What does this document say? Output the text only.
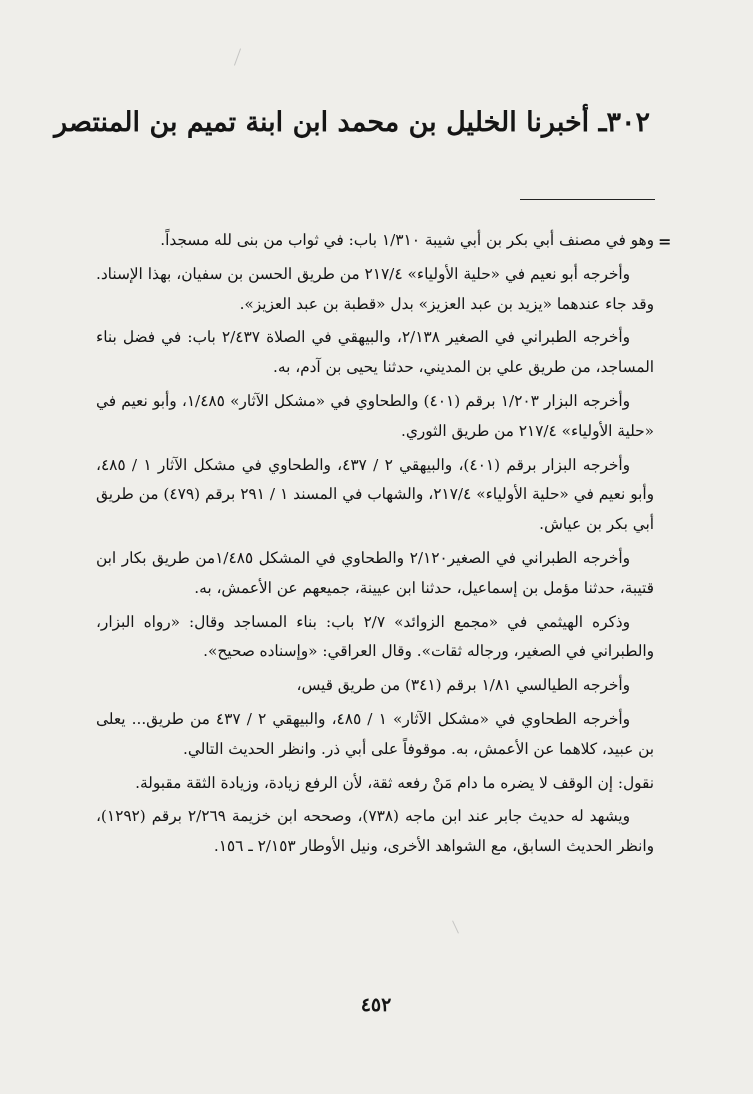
٣٠٢ـ أخبرنا الخليل بن محمد ابن ابنة تميم بن المنتصر
=

وهو في مصنف أبي بكر بن أبي شيبة ١/٣١٠ باب: في ثواب من بنى لله مسجداً.

وأخرجه أبو نعيم في «حلية الأولياء» ٢١٧/٤ من طريق الحسن بن سفيان، بهذا الإسناد. وقد جاء عندهما «يزيد بن عبد العزيز» بدل «قطبة بن عبد العزيز».

وأخرجه الطبراني في الصغير ٢/١٣٨، والبيهقي في الصلاة ٢/٤٣٧ باب: في فضل بناء المساجد، من طريق علي بن المديني، حدثنا يحيى بن آدم، به.

وأخرجه البزار ١/٢٠٣ برقم (٤٠١) والطحاوي في «مشكل الآثار» ١/٤٨٥، وأبو نعيم في «حلية الأولياء» ٢١٧/٤ من طريق الثوري.

وأخرجه البزار برقم (٤٠١)، والبيهقي ٢ / ٤٣٧، والطحاوي في مشكل الآثار ١ / ٤٨٥، وأبو نعيم في «حلية الأولياء» ٢١٧/٤، والشهاب في المسند ١ / ٢٩١ برقم (٤٧٩) من طريق أبي بكر بن عياش.

وأخرجه الطبراني في الصغير٢/١٢٠ والطحاوي في المشكل ١/٤٨٥من طريق بكار ابن قتيبة، حدثنا مؤمل بن إسماعيل، حدثنا ابن عيينة، جميعهم عن الأعمش، به.

وذكره الهيثمي في «مجمع الزوائد» ٢/٧ باب: بناء المساجد وقال: «رواه البزار، والطبراني في الصغير، ورجاله ثقات». وقال العراقي: «وإسناده صحيح».

وأخرجه الطيالسي ١/٨١ برقم (٣٤١) من طريق قيس،

وأخرجه الطحاوي في «مشكل الآثار» ١ / ٤٨٥، والبيهقي ٢ / ٤٣٧ من طريق... يعلى بن عبيد، كلاهما عن الأعمش، به. موقوفاً على أبي ذر. وانظر الحديث التالي.

نقول: إن الوقف لا يضره ما دام مَنْ رفعه ثقة، لأن الرفع زيادة، وزيادة الثقة مقبولة.

ويشهد له حديث جابر عند ابن ماجه (٧٣٨)، وصححه ابن خزيمة ٢/٢٦٩ برقم (١٢٩٢)، وانظر الحديث السابق، مع الشواهد الأخرى، ونيل الأوطار ٢/١٥٣ ـ ١٥٦.

٤٥٢
